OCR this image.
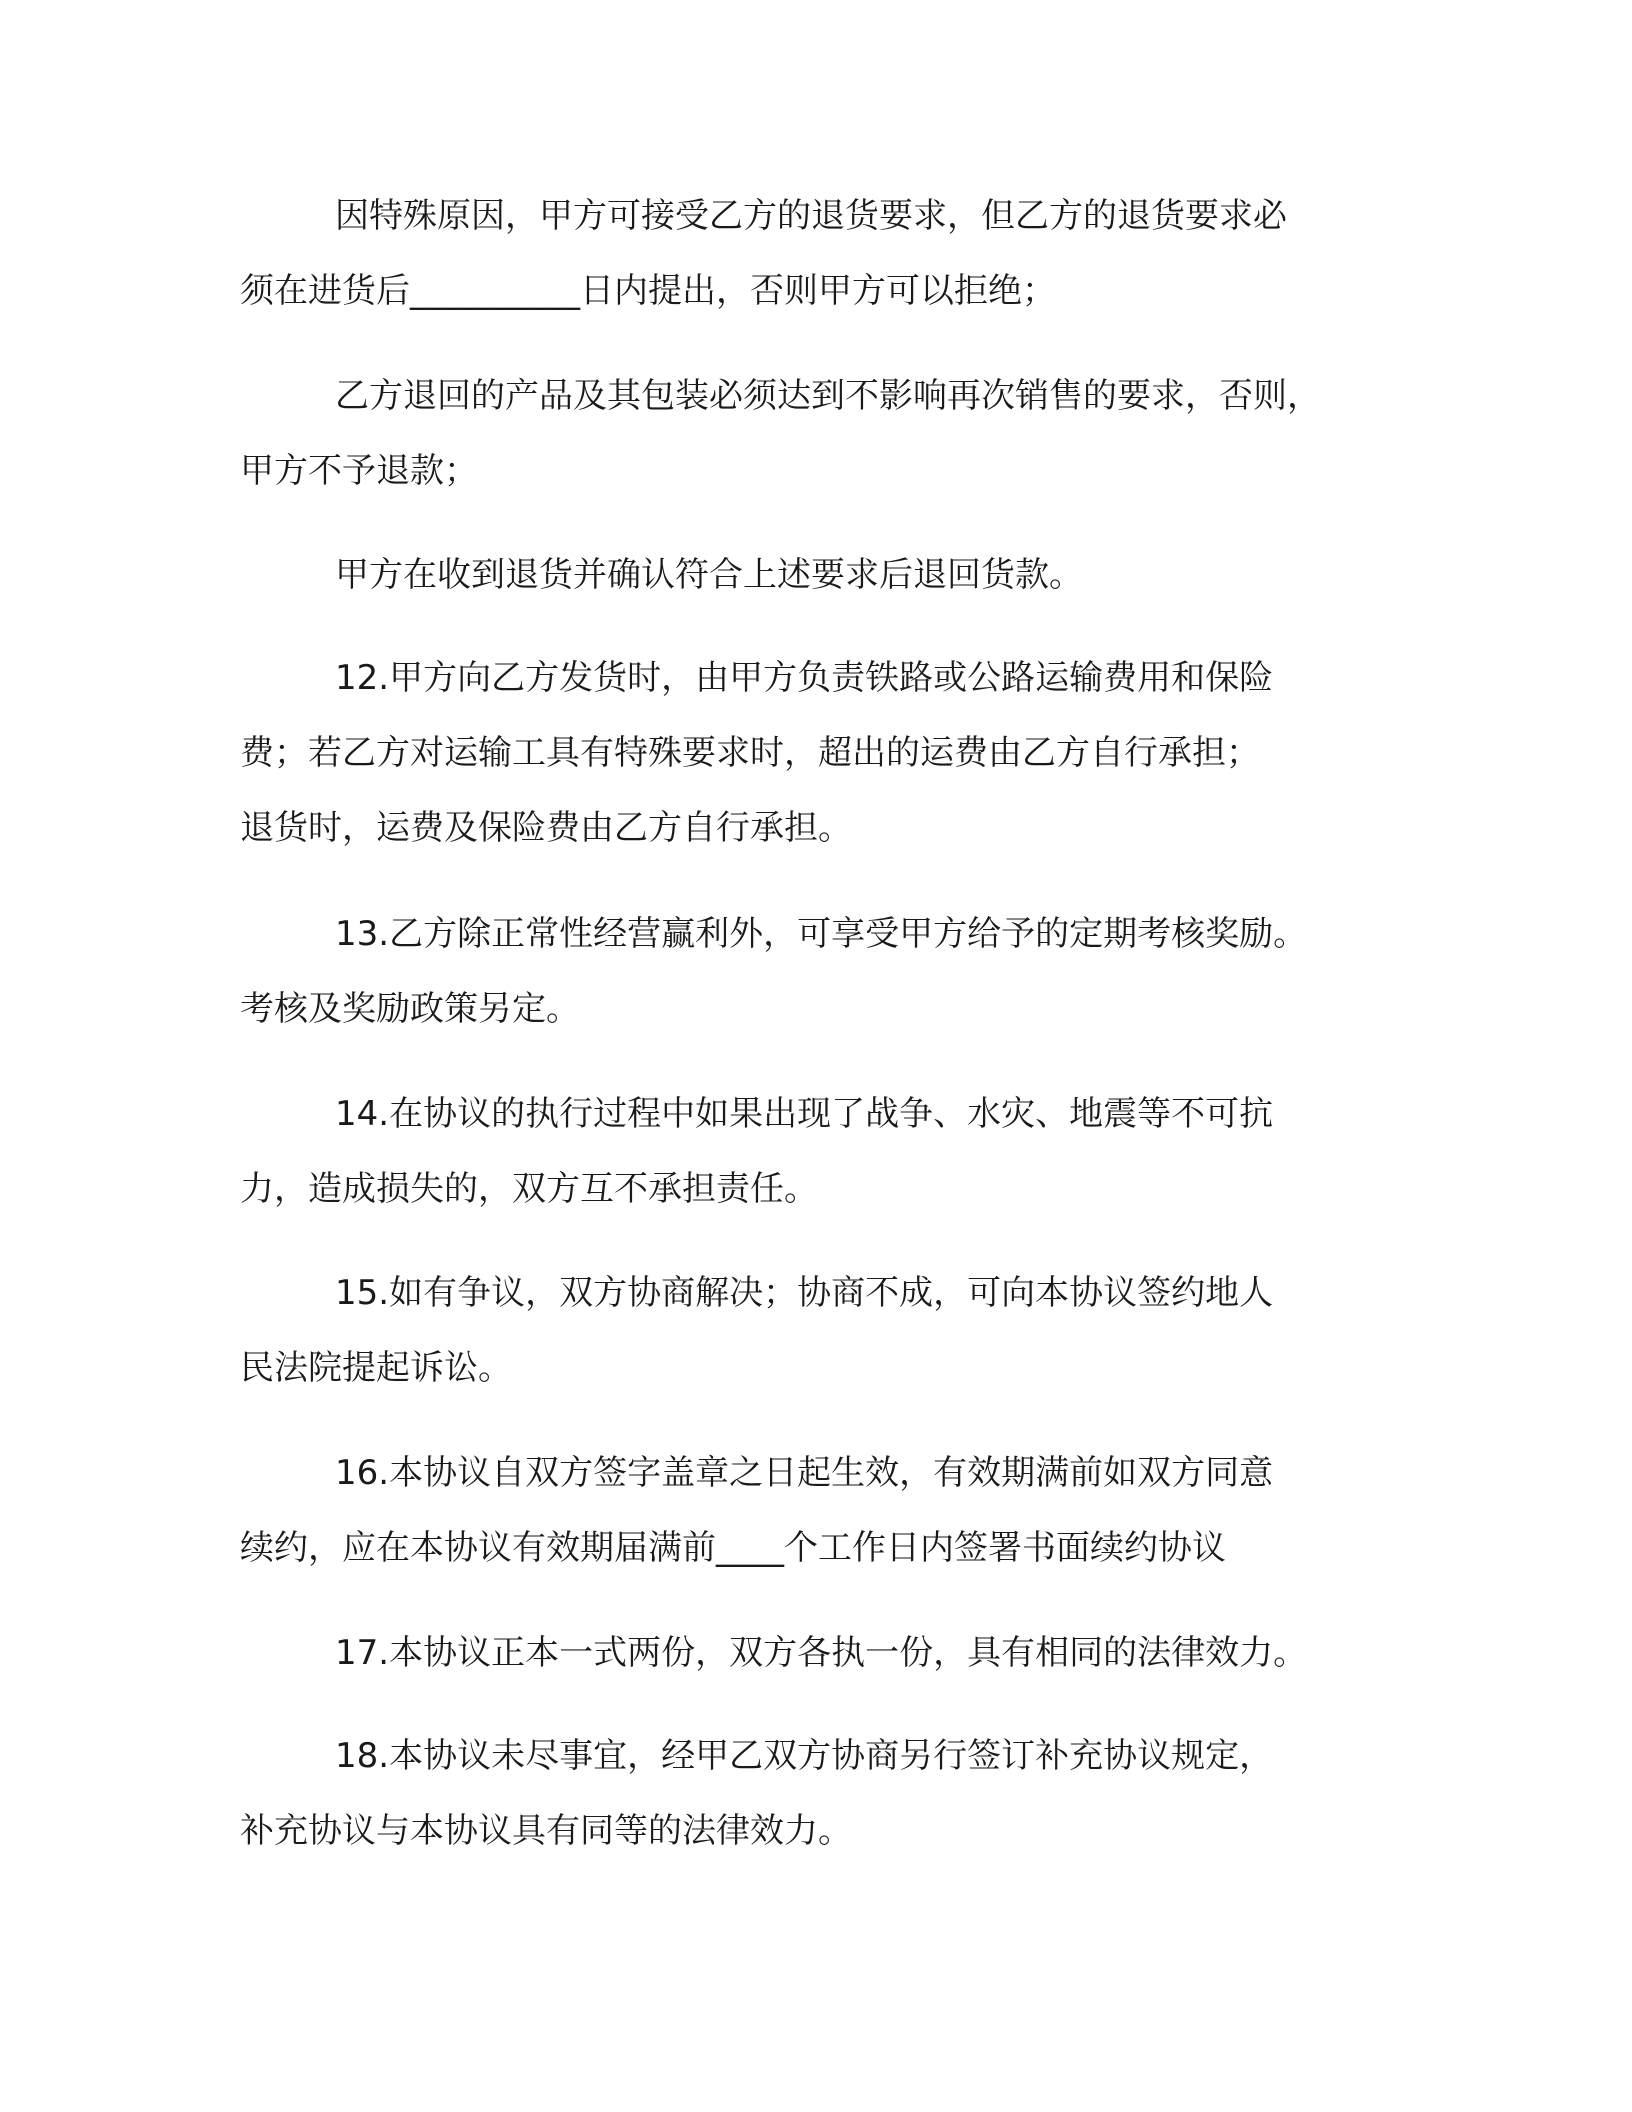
因特殊原因，甲方可接受乙方的退货要求，但乙方的退货要求必
须在进货后__________日内提出，否则甲方可以拒绝；
乙方退回的产品及其包装必须达到不影响再次销售的要求，否则，
甲方不予退款；
甲方在收到退货并确认符合上述要求后退回货款。
12.甲方向乙方发货时，由甲方负责铁路或公路运输费用和保险
费；若乙方对运输工具有特殊要求时，超出的运费由乙方自行承担；
退货时，运费及保险费由乙方自行承担。
13.乙方除正常性经营赢利外，可享受甲方给予的定期考核奖励。
考核及奖励政策另定。
14.在协议的执行过程中如果出现了战争、水灾、地震等不可抗
力，造成损失的，双方互不承担责任。
15.如有争议，双方协商解决；协商不成，可向本协议签约地人
民法院提起诉讼。
16.本协议自双方签字盖章之日起生效，有效期满前如双方同意
续约，应在本协议有效期届满前____个工作日内签署书面续约协议
17.本协议正本一式两份，双方各执一份，具有相同的法律效力。
18.本协议未尽事宜，经甲乙双方协商另行签订补充协议规定，
补充协议与本协议具有同等的法律效力。
